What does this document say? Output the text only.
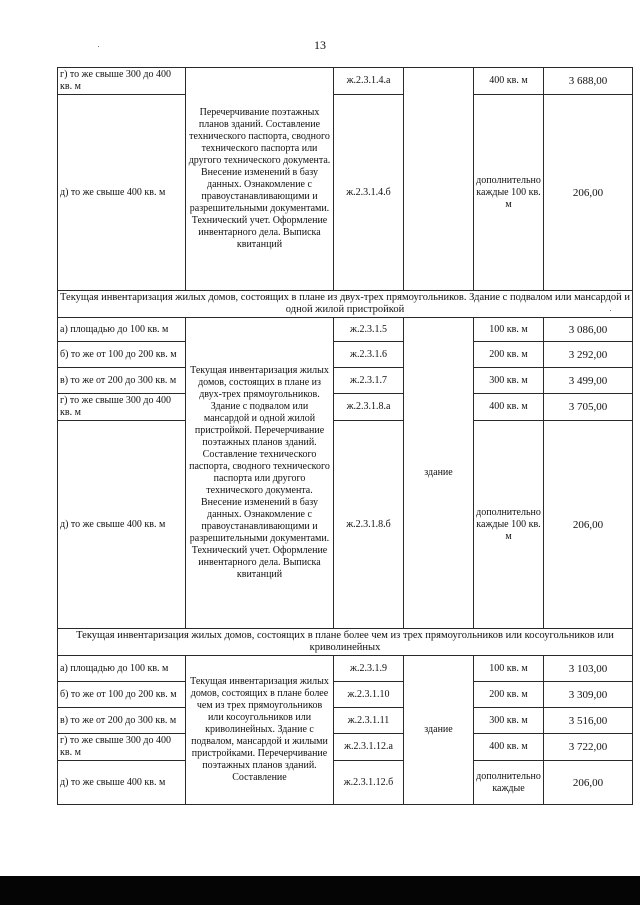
13
г) то же свыше 300 до 400 кв. м	Перечерчивание поэтажных планов зданий. Составление технического паспорта, сводного технического паспорта или другого технического документа. Внесение изменений в базу данных. Ознакомление с правоустанавливающими и разрешительными документами. Технический учет. Оформление инвентарного дела. Выписка квитанций	ж.2.3.1.4.а		400 кв. м	3 688,00
д) то же свыше 400 кв. м		ж.2.3.1.4.б		дополнительно каждые 100 кв. м	206,00
Текущая инвентаризация жилых домов, состоящих в плане из двух-трех прямоугольников. Здание с подвалом или мансардой и одной жилой пристройкой					
а) площадью до 100 кв. м	Текущая инвентаризация жилых домов, состоящих в плане из двух-трех прямоугольников. Здание с подвалом или мансардой и одной жилой пристройкой. Перечерчивание поэтажных планов зданий. Составление технического паспорта, сводного технического паспорта или другого технического документа. Внесение изменений в базу данных. Ознакомление с правоустанавливающими и разрешительными документами. Технический учет. Оформление инвентарного дела. Выписка квитанций	ж.2.3.1.5	здание	100 кв. м	3 086,00
б) то же от 100 до 200 кв. м		ж.2.3.1.6		200 кв. м	3 292,00
в) то же от 200 до 300 кв. м		ж.2.3.1.7		300 кв. м	3 499,00
г) то же свыше 300 до 400 кв. м		ж.2.3.1.8.а		400 кв. м	3 705,00
д) то же свыше 400 кв. м		ж.2.3.1.8.б		дополнительно каждые 100 кв. м	206,00
Текущая инвентаризация жилых домов, состоящих в плане более чем из трех прямоугольников или косоугольников или криволинейных					
а) площадью до 100 кв. м	Текущая инвентаризация жилых домов, состоящих в плане более чем из трех прямоугольников или косоугольников или криволинейных. Здание с подвалом, мансардой и жилыми пристройками. Перечерчивание поэтажных планов зданий. Составление	ж.2.3.1.9	здание	100 кв. м	3 103,00
б) то же от 100 до 200 кв. м		ж.2.3.1.10		200 кв. м	3 309,00
в) то же от 200 до 300 кв. м		ж.2.3.1.11		300 кв. м	3 516,00
г) то же свыше 300 до 400 кв. м		ж.2.3.1.12.а		400 кв. м	3 722,00
д) то же свыше 400 кв. м		ж.2.3.1.12.б		дополнительно каждые	206,00
